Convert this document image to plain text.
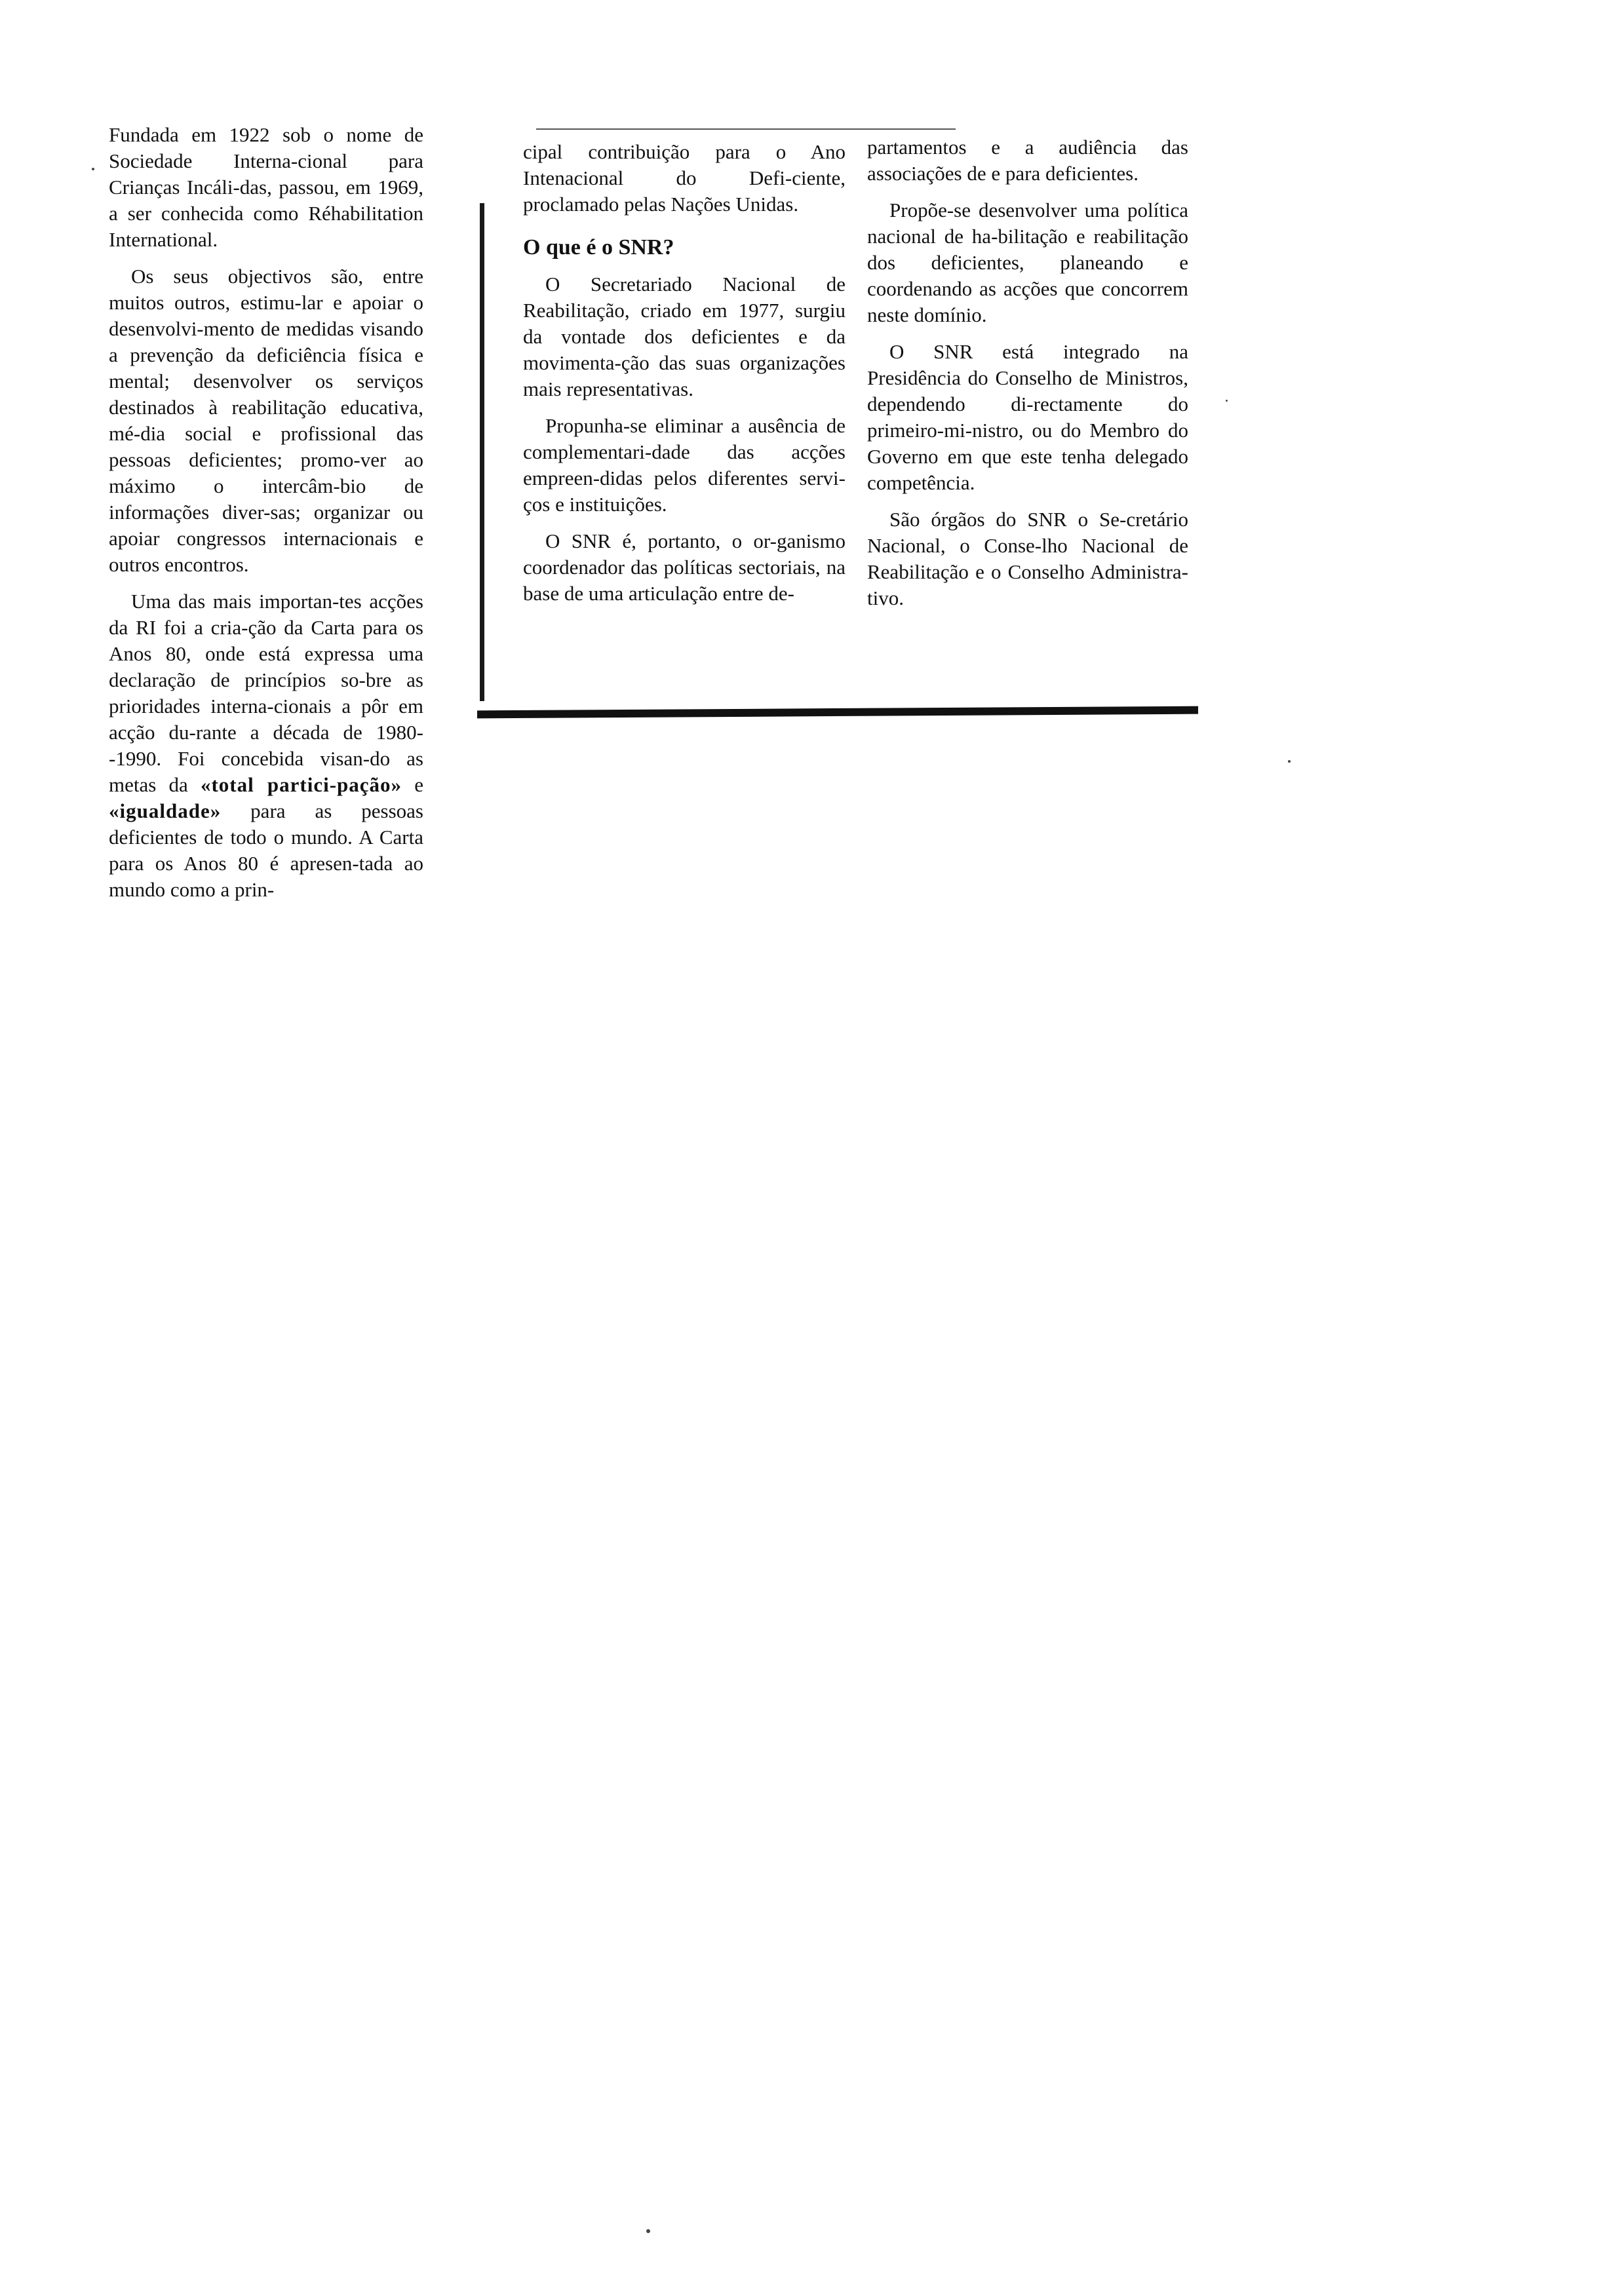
Fundada em 1922 sob o nome de Sociedade Interna-cional para Crianças Incáli-das, passou, em 1969, a ser conhecida como Réhabilitation International.

Os seus objectivos são, entre muitos outros, estimu-lar e apoiar o desenvolvi-mento de medidas visando a prevenção da deficiência física e mental; desenvolver os serviços destinados à reabilitação educativa, mé-dia social e profissional das pessoas deficientes; promo-ver ao máximo o intercâm-bio de informações diver-sas; organizar ou apoiar congressos internacionais e outros encontros.

Uma das mais importan-tes acções da RI foi a cria-ção da Carta para os Anos 80, onde está expressa uma declaração de princípios so-bre as prioridades interna-cionais a pôr em acção du-rante a década de 1980--1990. Foi concebida visan-do as metas da «total partici-pação» e «igualdade» para as pessoas deficientes de todo o mundo. A Carta para os Anos 80 é apresen-tada ao mundo como a prin-

cipal contribuição para o Ano Intenacional do Defi-ciente, proclamado pelas Nações Unidas.

O que é o SNR?

O Secretariado Nacional de Reabilitação, criado em 1977, surgiu da vontade dos deficientes e da movimenta-ção das suas organizações mais representativas.

Propunha-se eliminar a ausência de complementari-dade das acções empreen-didas pelos diferentes servi-ços e instituições.

O SNR é, portanto, o or-ganismo coordenador das políticas sectoriais, na base de uma articulação entre de-

partamentos e a audiência das associações de e para deficientes.

Propõe-se desenvolver uma política nacional de ha-bilitação e reabilitação dos deficientes, planeando e coordenando as acções que concorrem neste domínio.

O SNR está integrado na Presidência do Conselho de Ministros, dependendo di-rectamente do primeiro-mi-nistro, ou do Membro do Governo em que este tenha delegado competência.

São órgãos do SNR o Se-cretário Nacional, o Conse-lho Nacional de Reabilitação e o Conselho Administra-tivo.
